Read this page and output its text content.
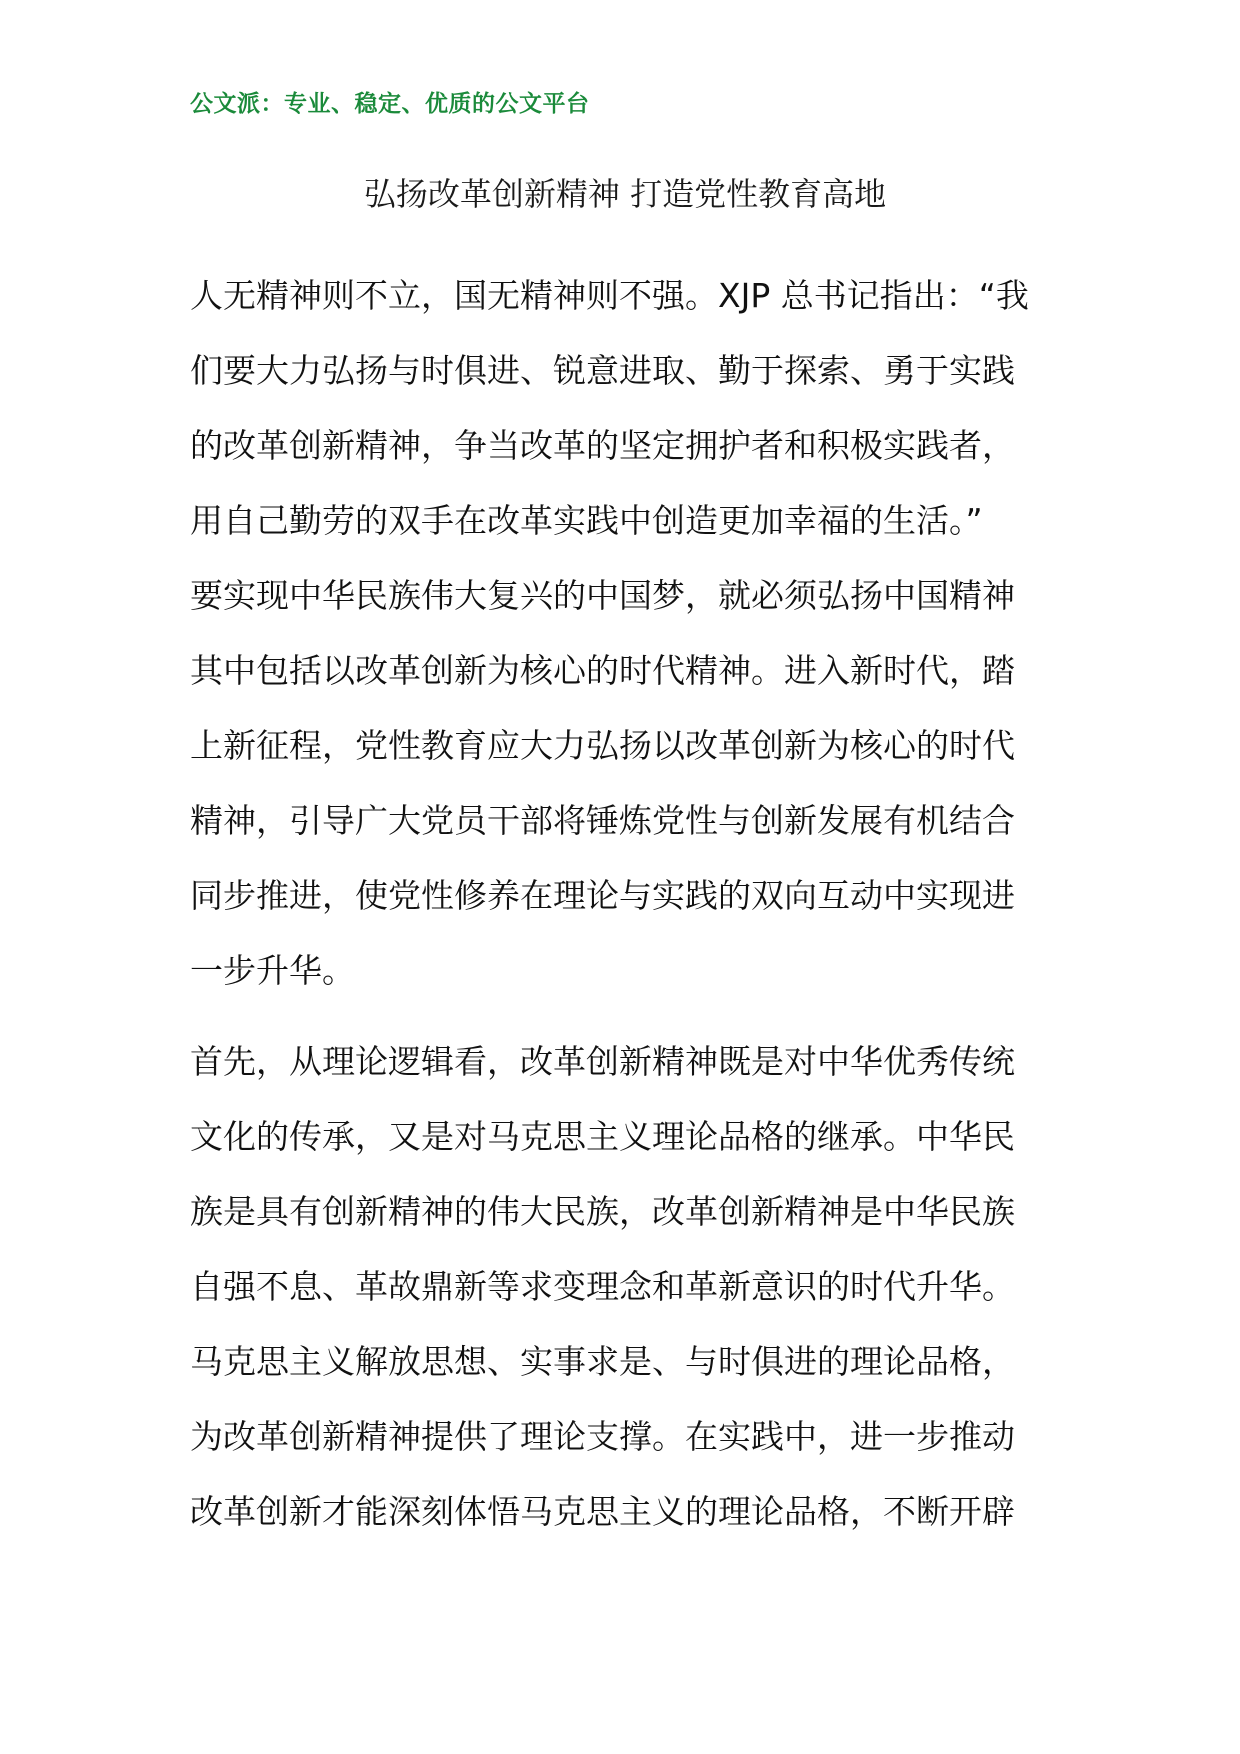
公文派：专业、稳定、优质的公文平台
弘扬改革创新精神 打造党性教育高地
人无精神则不立，国无精神则不强。XJP 总书记指出：“我
们要大力弘扬与时俱进、锐意进取、勤于探索、勇于实践
的改革创新精神，争当改革的坚定拥护者和积极实践者，
用自己勤劳的双手在改革实践中创造更加幸福的生活。”
要实现中华民族伟大复兴的中国梦，就必须弘扬中国精神
其中包括以改革创新为核心的时代精神。进入新时代，踏
上新征程，党性教育应大力弘扬以改革创新为核心的时代
精神，引导广大党员干部将锤炼党性与创新发展有机结合
同步推进，使党性修养在理论与实践的双向互动中实现进
一步升华。
首先，从理论逻辑看，改革创新精神既是对中华优秀传统
文化的传承，又是对马克思主义理论品格的继承。中华民
族是具有创新精神的伟大民族，改革创新精神是中华民族
自强不息、革故鼎新等求变理念和革新意识的时代升华。
马克思主义解放思想、实事求是、与时俱进的理论品格，
为改革创新精神提供了理论支撑。在实践中，进一步推动
改革创新才能深刻体悟马克思主义的理论品格，不断开辟
